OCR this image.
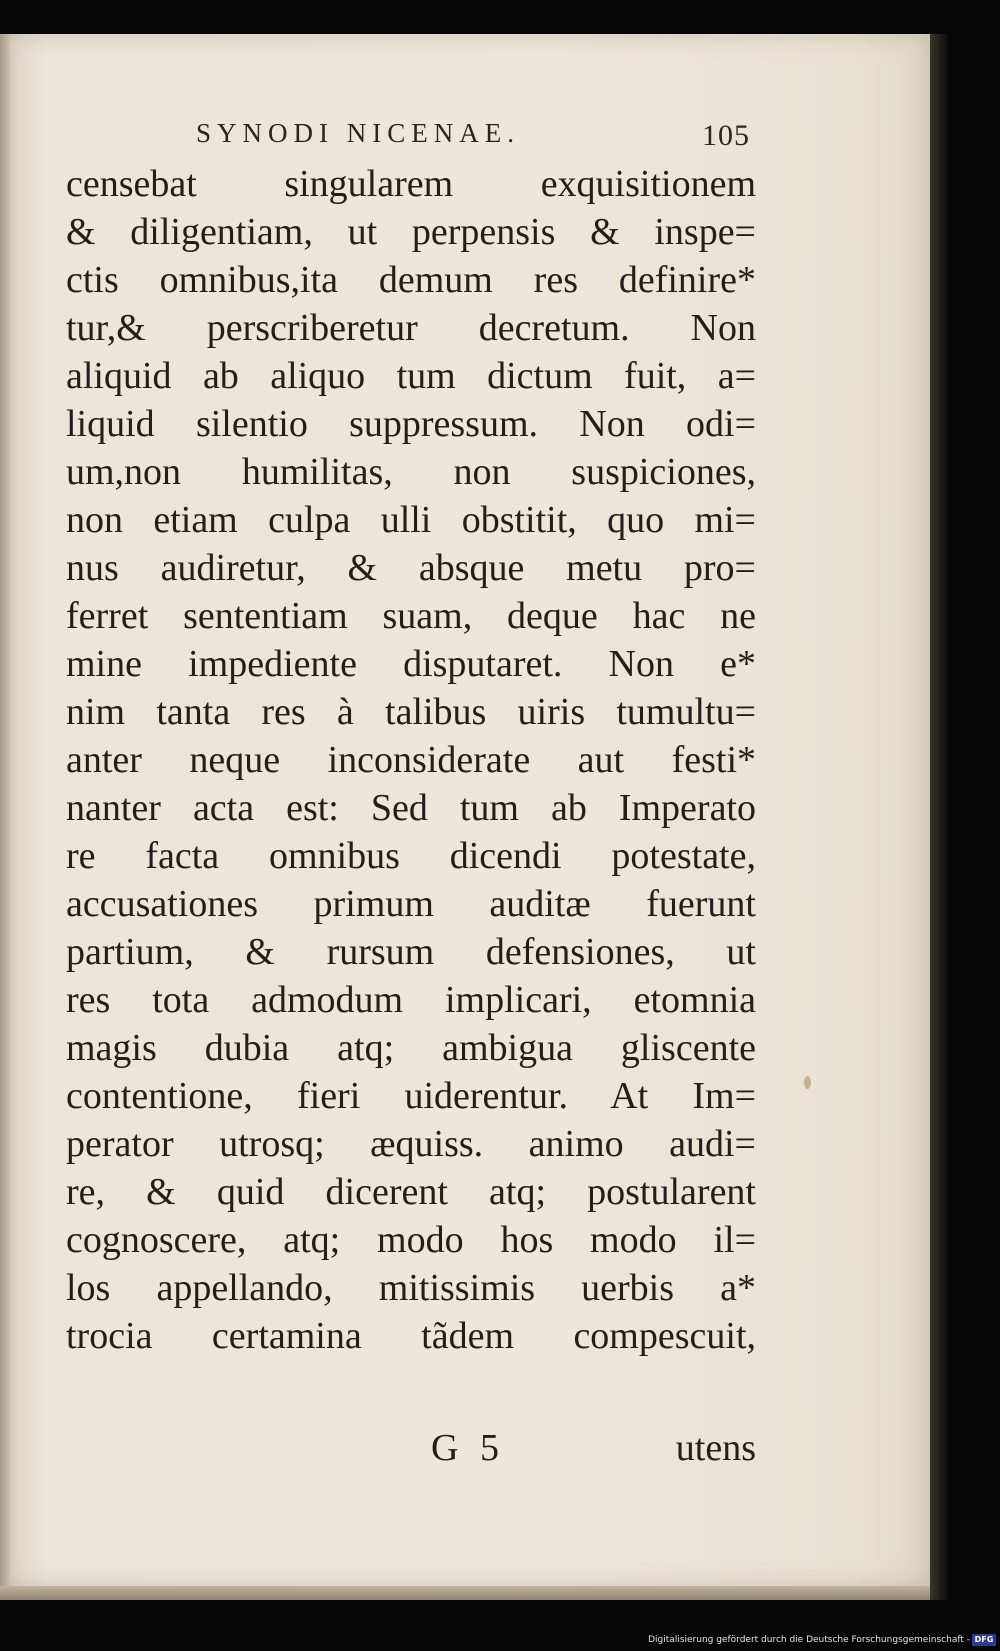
SYNODI NICENAE.	105
censebat singularem exquisitionem
& diligentiam, ut perpensis & inspe=
ctis omnibus,ita demum res definire*
tur,& perscriberetur decretum. Non
aliquid ab aliquo tum dictum fuit, a=
liquid silentio suppressum. Non odi=
um,non humilitas, non suspiciones,
non etiam culpa ulli obstitit, quo mi=
nus audiretur, & absque metu pro=
ferret sententiam suam, deque hac ne
mine impediente disputaret. Non e*
nim tanta res à talibus uiris tumultu=
anter neque inconsiderate aut festi*
nanter acta est: Sed tum ab Imperato
re facta omnibus dicendi potestate,
accusationes primum auditæ fuerunt
partium, & rursum defensiones, ut
res tota admodum implicari, etomnia
magis dubia atq; ambigua gliscente
contentione, fieri uiderentur. At Im=
perator utrosq; æquiss. animo audi=
re, & quid dicerent atq; postularent
cognoscere, atq; modo hos modo il=
los appellando, mitissimis uerbis a*
trocia certamina tãdem compescuit,
G 5	utens
Digitalisierung gefördert durch die Deutsche Forschungsgemeinschaft - DFG
